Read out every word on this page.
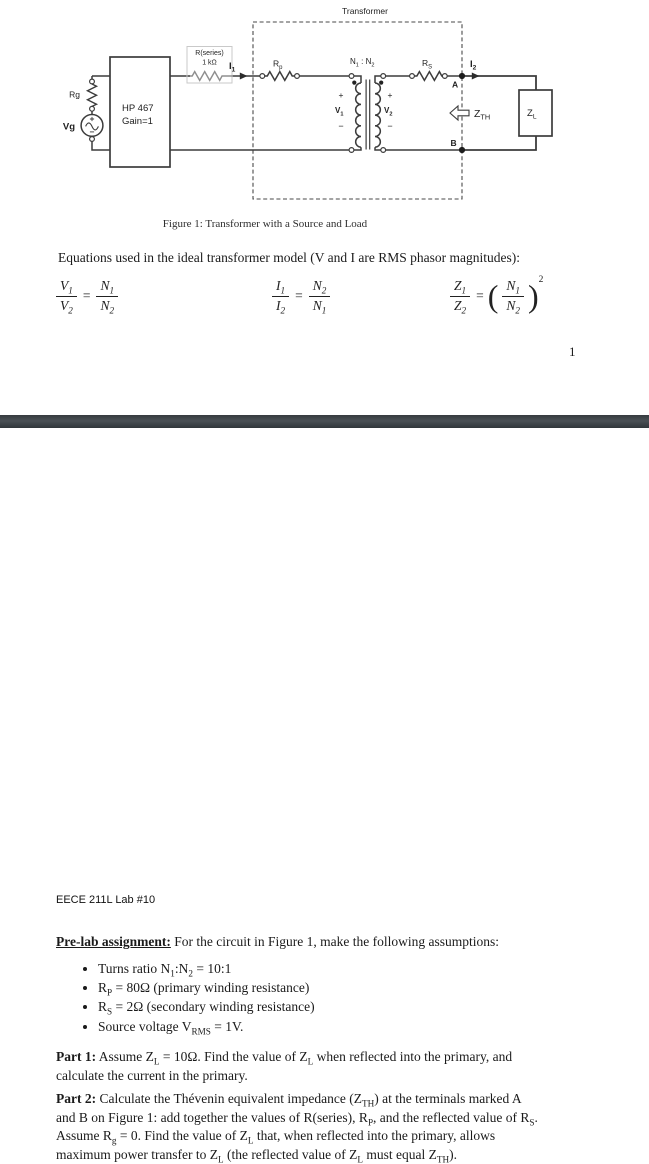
Transformer
Rg
Vg
HP 467
Gain=1
R(series)
1 kΩ $I_1$
$R_p$
$N_1$ : $N_2$
+
$V_1$
−
+
$V_2$
−
$R_S$
A
$I_2$
$Z_{TH}$	$Z_L$
B
Figure 1: Transformer with a Source and Load
Equations used in the ideal transformer model (V and I are RMS phasor magnitudes):
$\frac{V_1}{V_2} = \frac{N_1}{N_2}$	$\frac{I_1}{I_2} = \frac{N_2}{N_1}$	$\frac{Z_1}{Z_2}$ = ( $\frac{N_1}{N_2}$ ) 2
1
EECE 211L Lab #10
Pre-lab assignment: For the circuit in Figure 1, make the following assumptions:
• Turns ratio $N_1:N_2$ = 10:1
• $R_P = 80\Omega$ (primary winding resistance)
• $R_S = 2\Omega$ (secondary winding resistance)
• Source voltage $V_{RMS} = 1V$.
Part 1: Assume $Z_L = 10\Omega$. Find the value of $Z_L$ when reflected into the primary, and
calculate the current in the primary.
Part 2: Calculate the Thévenin equivalent impedance $(Z_{TH})$ at the terminals marked A
and B on Figure 1: add together the values of R(series), $R_P$, and the reflected value of $R_S$.
Assume $R_g = 0$. Find the value of $Z_L$ that, when reflected into the primary, allows
maximum power transfer to $Z_L$ (the reflected value of $Z_L$ must equal $Z_{TH}$).
